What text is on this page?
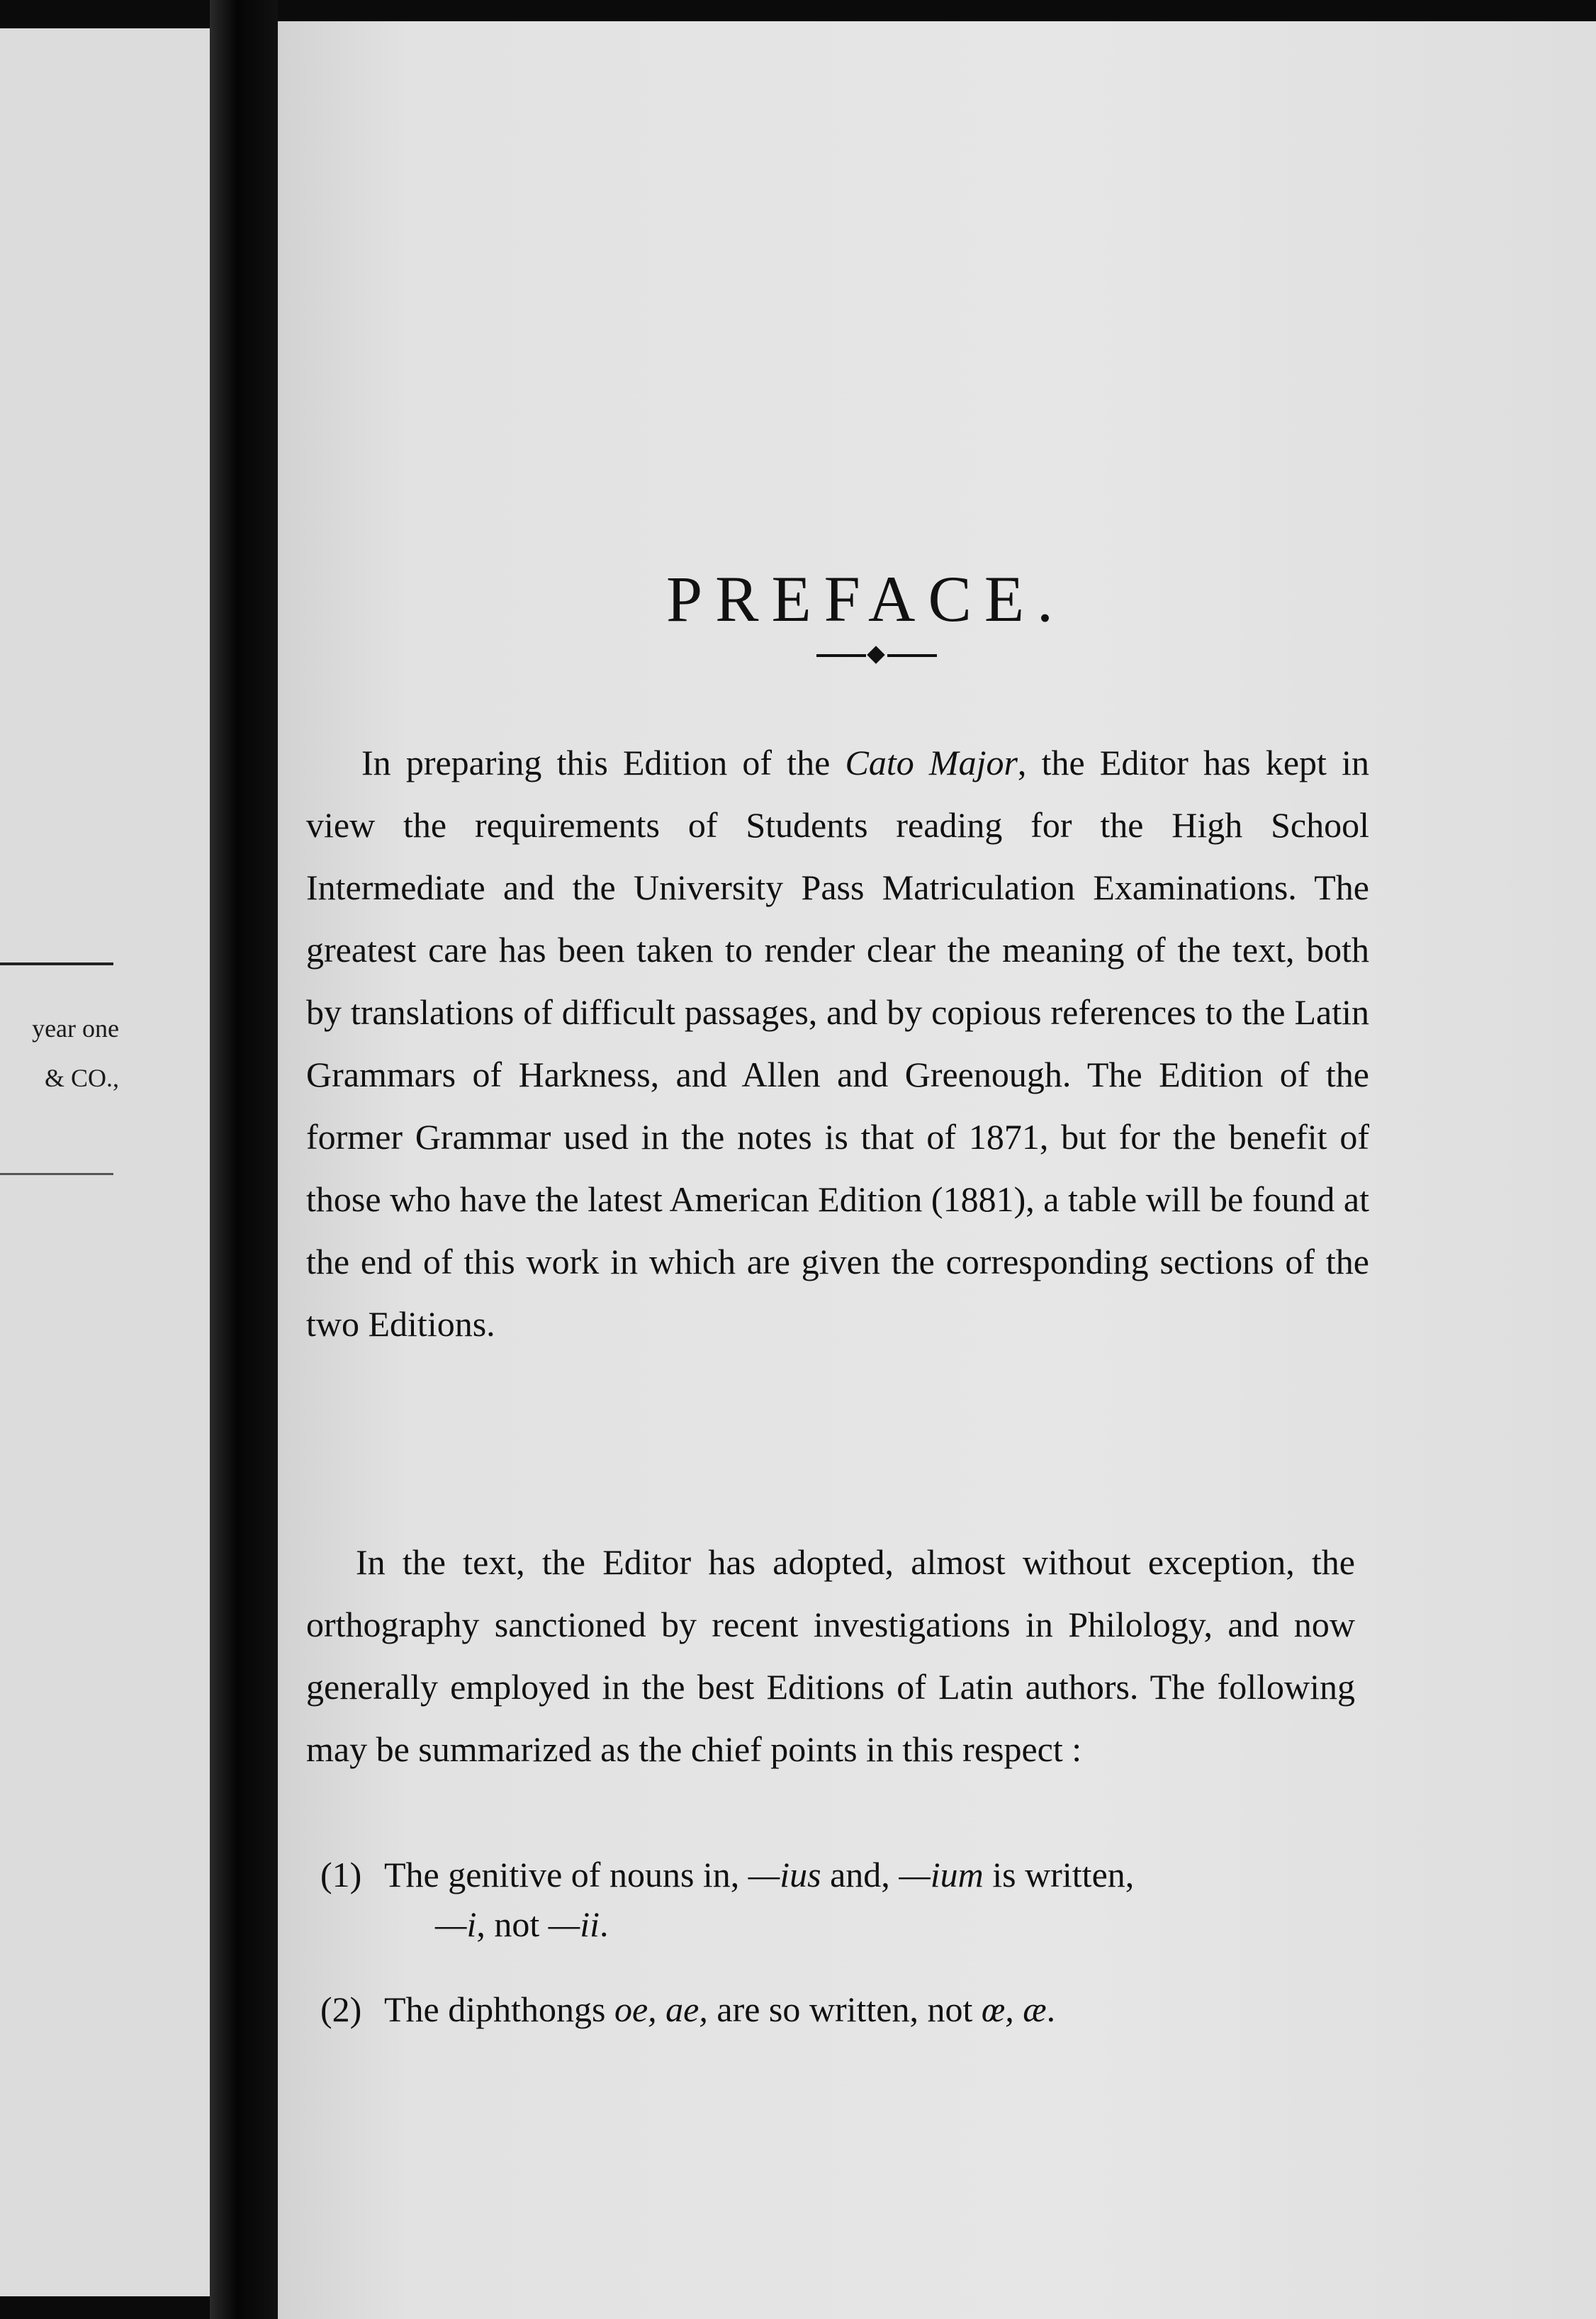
year one
& CO.,
PREFACE.

In preparing this Edition of the Cato Major, the Editor has kept in view the requirements of Students reading for the High School Intermediate and the University Pass Matriculation Examinations. The greatest care has been taken to render clear the meaning of the text, both by translations of difficult passages, and by copious references to the Latin Grammars of Harkness, and Allen and Greenough. The Edition of the former Grammar used in the notes is that of 1871, but for the benefit of those who have the latest American Edition (1881), a table will be found at the end of this work in which are given the corresponding sections of the two Editions.

In the text, the Editor has adopted, almost without exception, the orthography sanctioned by recent investigations in Philology, and now generally employed in the best Editions of Latin authors. The following may be summarized as the chief points in this respect :

(1) The genitive of nouns in, —ius and, —ium is written,
—i, not —ii.
(2) The diphthongs oe, ae, are so written, not œ, æ.
